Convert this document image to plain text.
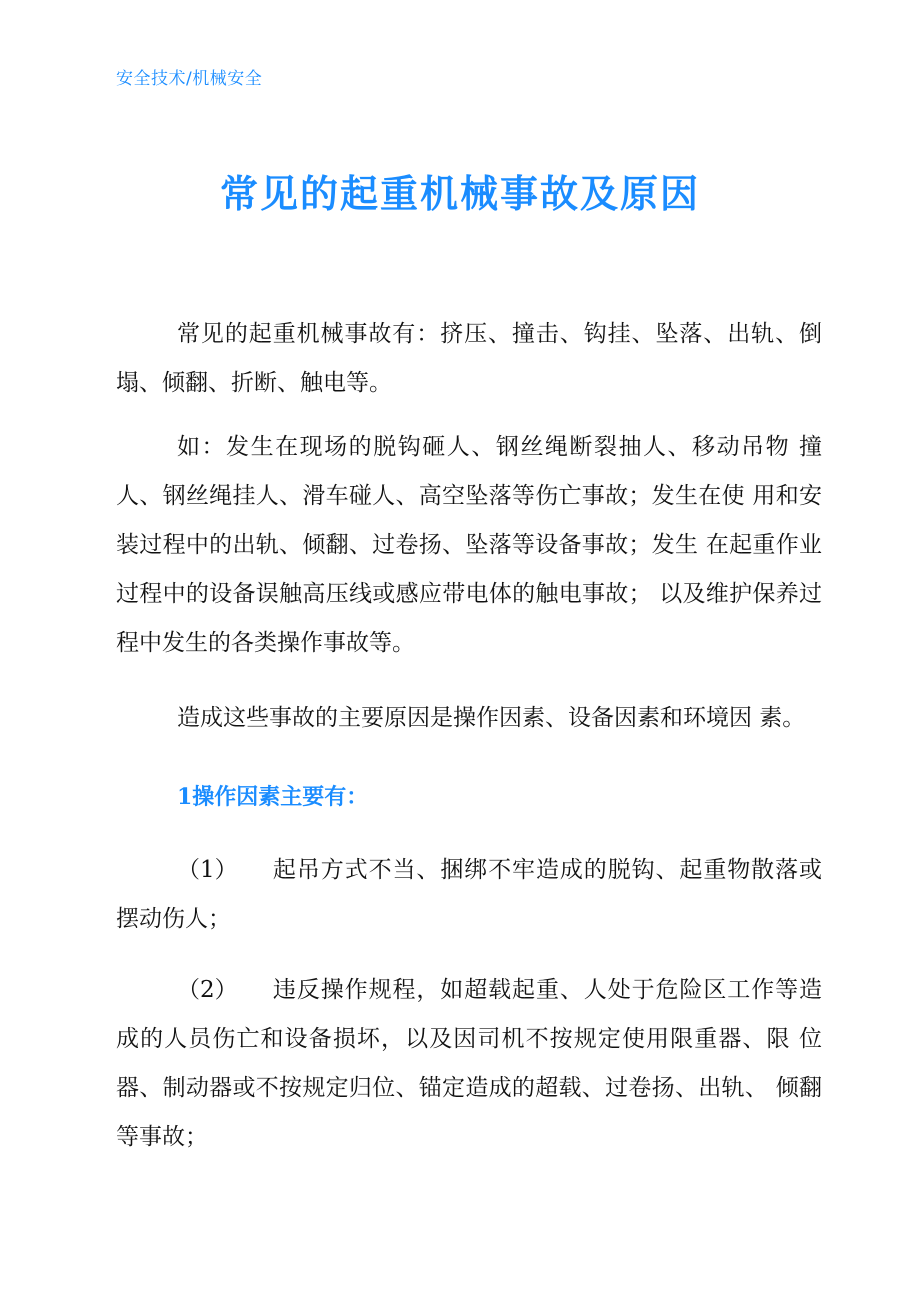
安全技术/机械安全
常见的起重机械事故及原因

常见的起重机械事故有：挤压、撞击、钩挂、坠落、出轨、倒塌、倾翻、折断、触电等。

如：发生在现场的脱钩砸人、钢丝绳断裂抽人、移动吊物 撞人、钢丝绳挂人、滑车碰人、高空坠落等伤亡事故；发生在使 用和安装过程中的出轨、倾翻、过卷扬、坠落等设备事故；发生 在起重作业过程中的设备误触高压线或感应带电体的触电事故； 以及维护保养过程中发生的各类操作事故等。

造成这些事故的主要原因是操作因素、设备因素和环境因 素。

1操作因素主要有：

（1） 起吊方式不当、捆绑不牢造成的脱钩、起重物散落或摆动伤人；

（2） 违反操作规程，如超载起重、人处于危险区工作等造成的人员伤亡和设备损坏，以及因司机不按规定使用限重器、限 位器、制动器或不按规定归位、锚定造成的超载、过卷扬、出轨、 倾翻等事故；
